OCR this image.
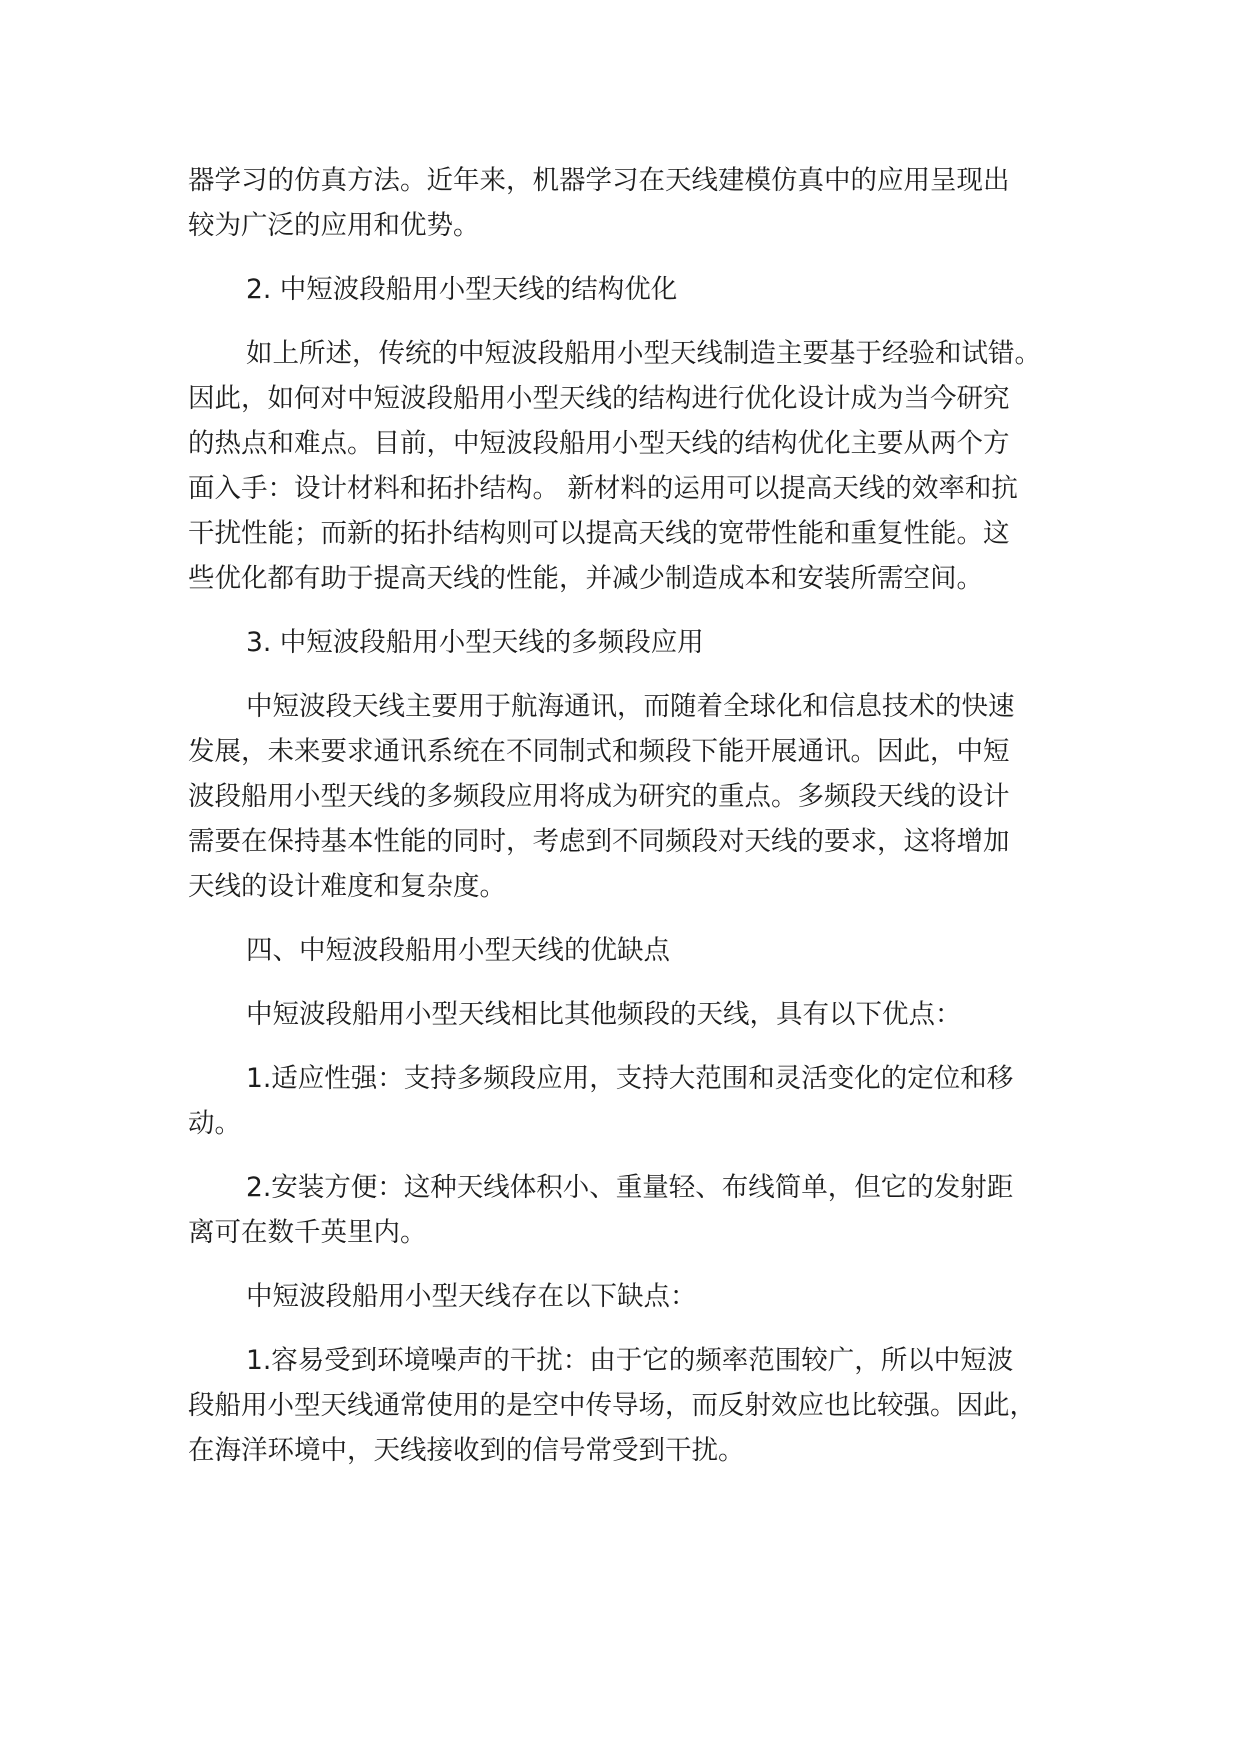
器学习的仿真方法。近年来，机器学习在天线建模仿真中的应用呈现出
较为广泛的应用和优势。
2. 中短波段船用小型天线的结构优化
如上所述，传统的中短波段船用小型天线制造主要基于经验和试错。
因此，如何对中短波段船用小型天线的结构进行优化设计成为当今研究
的热点和难点。目前，中短波段船用小型天线的结构优化主要从两个方
面入手：设计材料和拓扑结构。 新材料的运用可以提高天线的效率和抗
干扰性能；而新的拓扑结构则可以提高天线的宽带性能和重复性能。这
些优化都有助于提高天线的性能，并减少制造成本和安装所需空间。
3. 中短波段船用小型天线的多频段应用
中短波段天线主要用于航海通讯，而随着全球化和信息技术的快速
发展，未来要求通讯系统在不同制式和频段下能开展通讯。因此，中短
波段船用小型天线的多频段应用将成为研究的重点。多频段天线的设计
需要在保持基本性能的同时，考虑到不同频段对天线的要求，这将增加
天线的设计难度和复杂度。
四、中短波段船用小型天线的优缺点
中短波段船用小型天线相比其他频段的天线，具有以下优点：
1.适应性强：支持多频段应用，支持大范围和灵活变化的定位和移
动。
2.安装方便：这种天线体积小、重量轻、布线简单，但它的发射距
离可在数千英里内。
中短波段船用小型天线存在以下缺点：
1.容易受到环境噪声的干扰：由于它的频率范围较广，所以中短波
段船用小型天线通常使用的是空中传导场，而反射效应也比较强。因此，
在海洋环境中，天线接收到的信号常受到干扰。
